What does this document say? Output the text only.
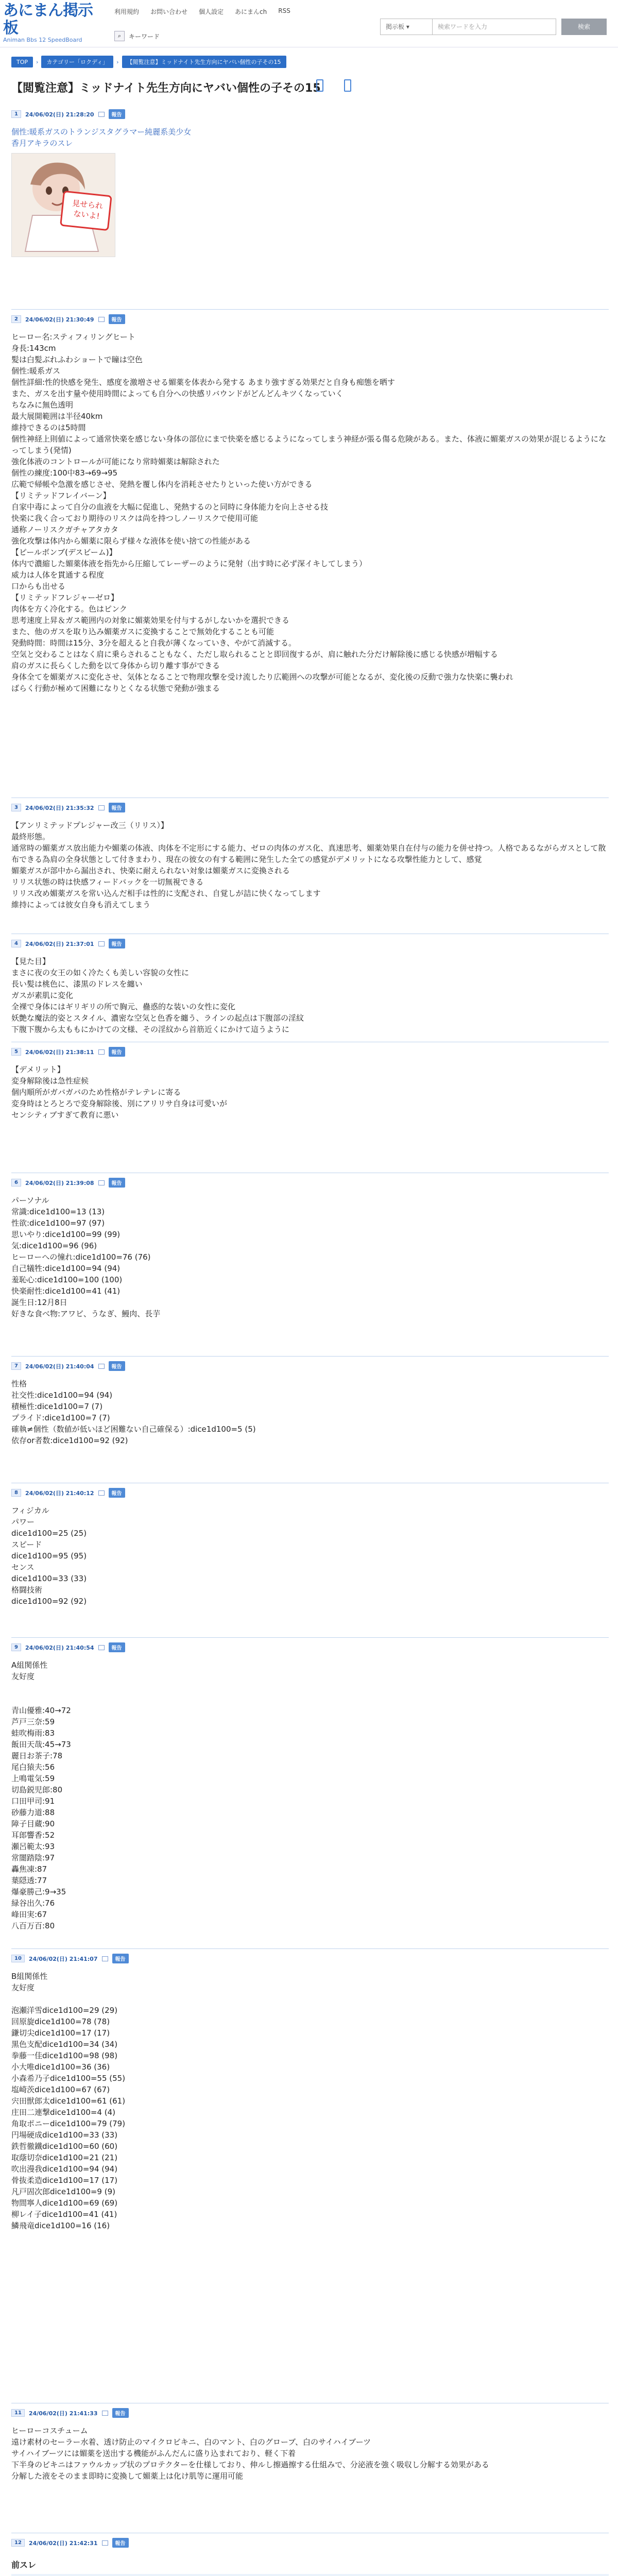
あにまん掲示板
Animan Bbs 12 SpeedBoard
利用規約 お問い合わせ 個人設定 あにまんch RSS
⌕	キーワード
掲示板 ▾	検索ワードを入力	検索
TOP	›	カテゴリー「ロクディ」	›	【閲覧注意】ミッドナイト先生方向にヤバい個性の子その15
【閲覧注意】ミッドナイト先生方向にヤバい個性の子その15
1	24/06/02(日) 21:28:20	報告
個性:暖系ガスのトランジスタグラマー純麗系美少女
香月アキラのスレ
見せられ
ないよ!
2	24/06/02(日) 21:30:49	報告
ヒーロー名:スティフィリングヒート
身長:143cm
髪は白髪ぶれふわショートで瞳は空色
個性:暖系ガス
個性詳細:性的快感を発生、感度を激増させる媚薬を体表から発する あまり強すぎる効果だと自身も痴態を晒す
また、ガスを出す量や使用時間によっても自分への快感リバウンドがどんどんキツくなっていく
ちなみに無色透明
最大展開範囲は半径40km
維持できるのは5時間
個性神経上則値によって通常快楽を感じない身体の部位にまで快楽を感じるようになってしまう神経が張る傷る危険がある。また、体液に媚薬ガスの効果が混じるようになってしまう(発情)
強化体液のコントロールが可能になり常時媚薬は解除された
個性の練度:100中83→69→95
広範で帰帳や急激を感じさせ、発熱を覆し体内を消耗させたりといった使い方ができる
【リミテッドフレイバーン】
自家中毒によって自分の血液を大幅に促進し、発熱するのと同時に身体能力を向上させる技
快楽に我く合っており期待のリスクは尚を持つしノーリスクで使用可能
通称ノーリスクガチャアタカタ
強化攻撃は体内から媚薬に限らず様々な液体を使い捨ての性能がある
【ピールボンブ(デスビーム)】
体内で濃縮した媚薬体液を指先から圧縮してレーザーのように発射（出す時に必ず深イキしてしまう）
威力は人体を貫通する程度
口からも出せる
【リミテッドフレジャーゼロ】
肉体を方く冷化する。色はピンク
思考速度上昇＆ガス範囲内の対象に媚薬効果を付与するがしないかを選択できる
また、他のガスを取り込み媚薬ガスに変換することで無効化することも可能
発動時間：時間は15分、3分を超えると自我が薄くなっていき、やがて消滅する。
空気と交わることはなく肩に乗らされることもなく、ただし取られることと即回復するが、肩に触れた分だけ解除後に感じる快感が増幅する
肩のガスに長らくした動を以て身体から切り離す事ができる
身体全てを媚薬ガスに変化させ、気体となることで物理攻撃を受け流したり広範囲への攻撃が可能となるが、変化後の反動で強力な快楽に襲われ
ばらく行動が極めて困難になりとくなる状態で発動が強まる
3	24/06/02(日) 21:35:32	報告
【アンリミテッドプレジャー改三（リリス）】
最終形態。
通常時の媚薬ガス放出能力や媚薬の体液、肉体を不定形にする能力、ゼロの肉体のガス化、真速思考、媚薬効果自在付与の能力を併せ持つ。人格であるながらガスとして散布できる為肩の全身状態として付きまわり、現在の彼女の有する範囲に発生した全ての感覚がデメリットになる攻撃性能力として、感覚
媚薬ガスが部中から漏出され、快楽に耐えられない対象は媚薬ガスに変換される
リリス状態の時は快感フィードバックを一切無視できる
リリス改め媚薬ガスを常い込んだ相手は性的に支配され、自覚しが詰に快くなってします
維持によっては彼女自身も消えてしまう
4	24/06/02(日) 21:37:01	報告
【見た目】
まさに夜の女王の如く冷たくも美しい容貌の女性に
長い髪は桃色に、漆黒のドレスを纏い
ガスが素肌に変化
全裸で身体にはギリギリの所で胸元、蠱惑的な装いの女性に変化
妖艶な魔法的姿とスタイル、濃密な空気と色香を纏う、ラインの起点は下腹部の淫紋
下腹下腹から太ももにかけての文様、その淫紋から首筋近くにかけて這うように
5	24/06/02(日) 21:38:11	報告
【デメリット】
変身解除後は急性症候
個内順所がガバガバのため性格がテレテレに寄る
変身時はとろとろで変身解除後、別にアリリサ自身は可愛いが
センシティブすぎて教育に悪い
6	24/06/02(日) 21:39:08	報告
パーソナル
常識:dice1d100=13 (13)
性欲:dice1d100=97 (97)
思いやり:dice1d100=99 (99)
気:dice1d100=96 (96)
ヒーローへの憧れ:dice1d100=76 (76)
自己犠牲:dice1d100=94 (94)
羞恥心:dice1d100=100 (100)
快楽耐性:dice1d100=41 (41)
誕生日:12月8日
好きな食べ物:アワビ、うなぎ、鰻肉、長芋
7	24/06/02(日) 21:40:04	報告
性格
社交性:dice1d100=94 (94)
積極性:dice1d100=7 (7)
プライド:dice1d100=7 (7)
確執≠個性（数値が低いほど困難ない自己確保る）:dice1d100=5 (5)
依存or者数:dice1d100=92 (92)
8	24/06/02(日) 21:40:12	報告
フィジカル
パワー
dice1d100=25 (25)
スピード
dice1d100=95 (95)
センス
dice1d100=33 (33)
格闘技術
dice1d100=92 (92)
9	24/06/02(日) 21:40:54	報告
A組関係性
友好度
青山優雅:40→72
芦戸三奈:59
蛙吹梅雨:83
飯田天哉:45→73
麗日お茶子:78
尾白猿夫:56
上鳴電気:59
切島鋭児郎:80
口田甲司:91
砂藤力道:88
障子目蔵:90
耳郎響香:52
瀬呂範太:93
常闇踏陰:97
轟焦凍:87
葉隠透:77
爆豪勝己:9→35
緑谷出久:76
峰田実:67
八百万百:80
10	24/06/02(日) 21:41:07	報告
B組関係性
友好度
泡瀬洋雪dice1d100=29 (29)
回原旋dice1d100=78 (78)
鎌切尖dice1d100=17 (17)
黒色支配dice1d100=34 (34)
拳藤一佳dice1d100=98 (98)
小大唯dice1d100=36 (36)
小森希乃子dice1d100=55 (55)
塩崎茨dice1d100=67 (67)
宍田獣郎太dice1d100=61 (61)
庄田二連撃dice1d100=4 (4)
角取ポニーdice1d100=79 (79)
円場硬成dice1d100=33 (33)
鉄哲徹鐵dice1d100=60 (60)
取蔭切奈dice1d100=21 (21)
吹出漫我dice1d100=94 (94)
骨抜柔造dice1d100=17 (17)
凡戸固次郎dice1d100=9 (9)
物間寧人dice1d100=69 (69)
柳レイ子dice1d100=41 (41)
鱗飛竜dice1d100=16 (16)
11	24/06/02(日) 21:41:33	報告
ヒーローコスチューム
遠け素材のセーラー水着、透け防止のマイクロビキニ、白のマント、白のグローブ、白のサイハイブーツ
サイハイブーツには媚薬を送出する機能がふんだんに盛り込まれており、軽く下着
下半身のビキニはファウルカップ状のプロテクターを仕様しており、伸ルし擦過擦する仕組みで、分泌液を強く吸収し分解する効果がある
分解した液をそのまま即時に変換して媚薬上は化け肌等に運用可能
12	24/06/02(日) 21:42:31	報告
前スレ
